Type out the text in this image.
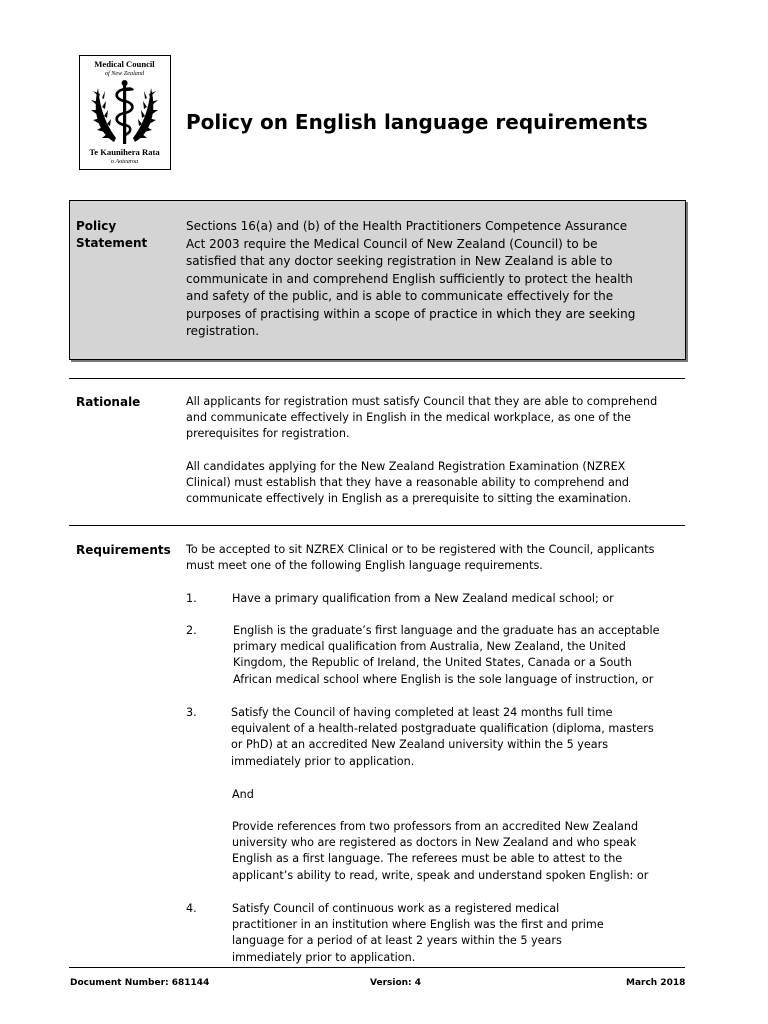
Medical Council
of New Zealand
Te Kaunihera Rata
o Aotearoa
Policy on English language requirements
Policy
Statement
Sections 16(a) and (b) of the Health Practitioners Competence Assurance
Act 2003 require the Medical Council of New Zealand (Council) to be
satisfied that any doctor seeking registration in New Zealand is able to
communicate in and comprehend English sufficiently to protect the health
and safety of the public, and is able to communicate effectively for the
purposes of practising within a scope of practice in which they are seeking
registration.
Rationale	All applicants for registration must satisfy Council that they are able to comprehend
and communicate effectively in English in the medical workplace, as one of the
prerequisites for registration.
All candidates applying for the New Zealand Registration Examination (NZREX
Clinical) must establish that they have a reasonable ability to comprehend and
communicate effectively in English as a prerequisite to sitting the examination.
Requirements To be accepted to sit NZREX Clinical or to be registered with the Council, applicants
must meet one of the following English language requirements.
1.	Have a primary qualification from a New Zealand medical school; or
2.	English is the graduate’s first language and the graduate has an acceptable
primary medical qualification from Australia, New Zealand, the United
Kingdom, the Republic of Ireland, the United States, Canada or a South
African medical school where English is the sole language of instruction, or
3.	Satisfy the Council of having completed at least 24 months full time
equivalent of a health-related postgraduate qualification (diploma, masters
or PhD) at an accredited New Zealand university within the 5 years
immediately prior to application.
And
Provide references from two professors from an accredited New Zealand
university who are registered as doctors in New Zealand and who speak
English as a first language. The referees must be able to attest to the
applicant’s ability to read, write, speak and understand spoken English: or
4.	Satisfy Council of continuous work as a registered medical
practitioner in an institution where English was the first and prime
language for a period of at least 2 years within the 5 years
immediately prior to application.
Document Number: 681144	Version: 4	March 2018
